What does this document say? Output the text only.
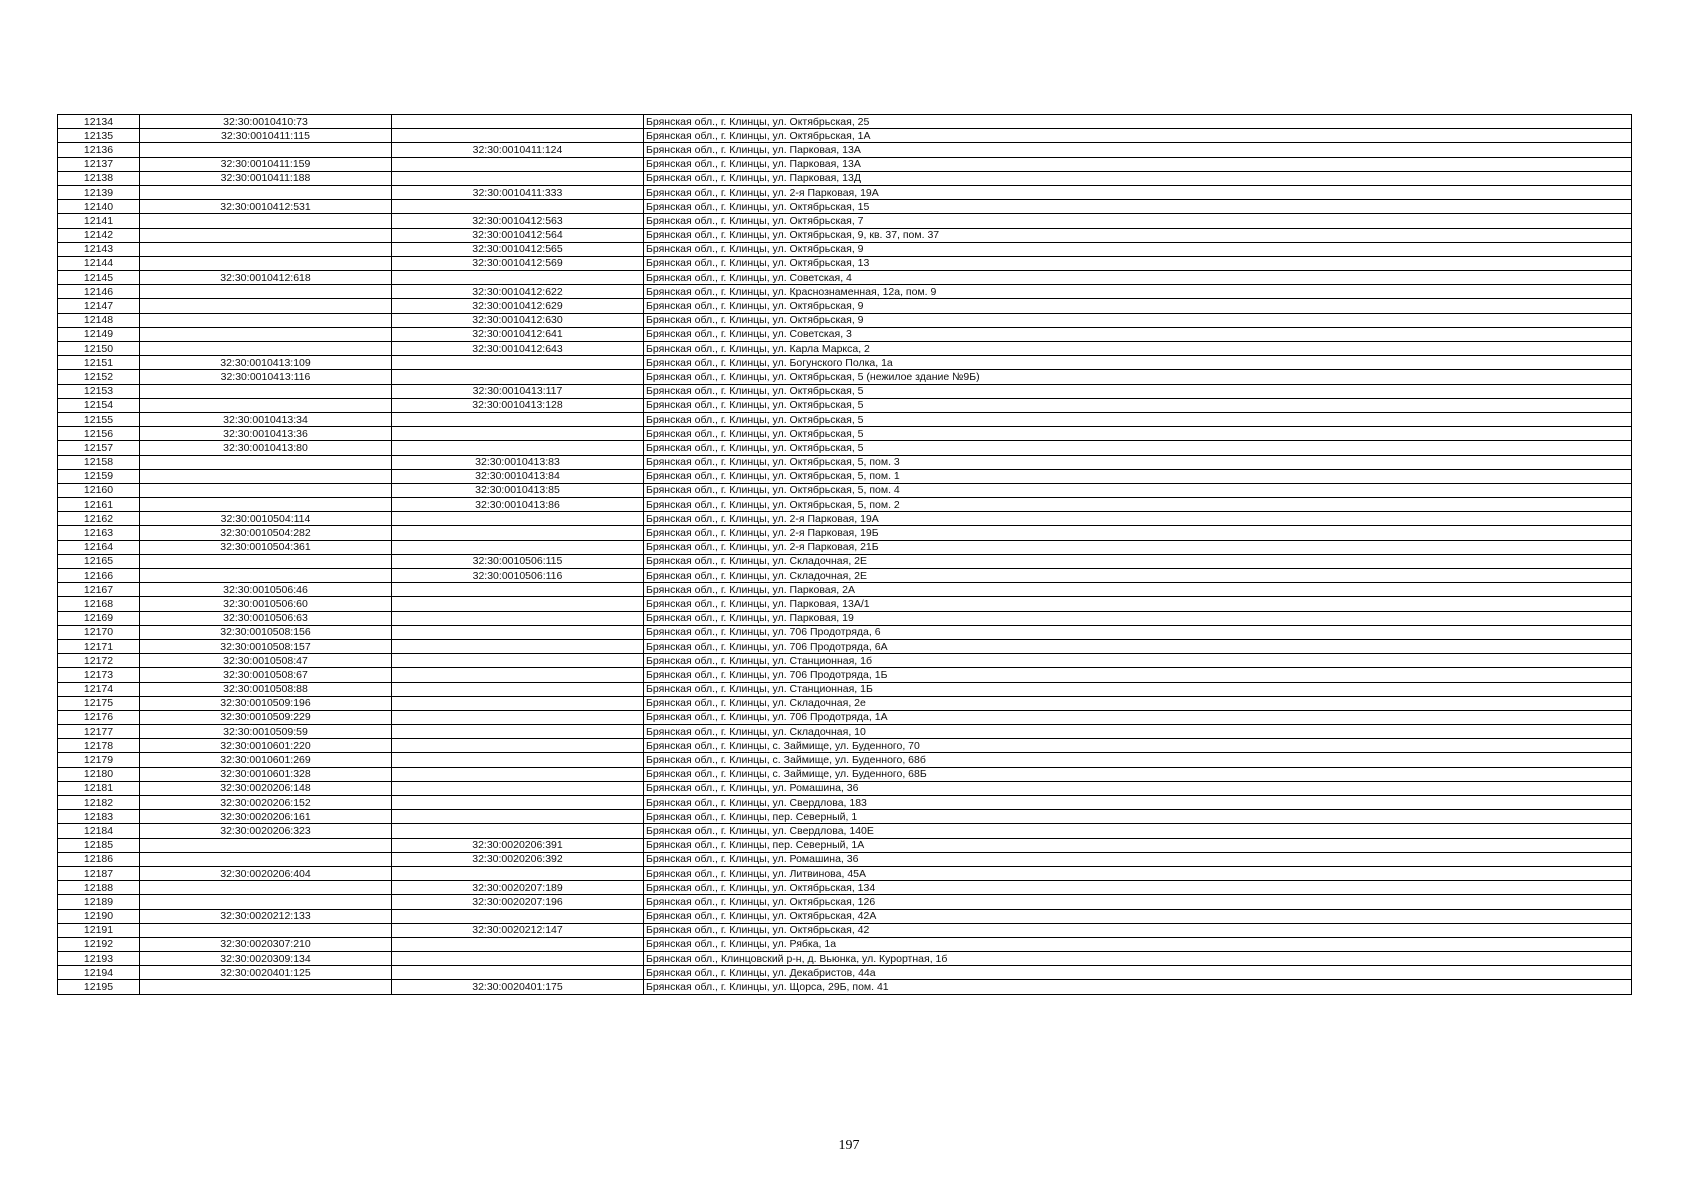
12134	32:30:0010410:73		Брянская обл., г. Клинцы, ул. Октябрьская, 25
12135	32:30:0010411:115		Брянская обл., г. Клинцы, ул. Октябрьская, 1А
12136		32:30:0010411:124	Брянская обл., г. Клинцы, ул. Парковая, 13А
12137	32:30:0010411:159		Брянская обл., г. Клинцы, ул. Парковая, 13А
12138	32:30:0010411:188		Брянская обл., г. Клинцы, ул. Парковая, 13Д
12139		32:30:0010411:333	Брянская обл., г. Клинцы, ул. 2-я Парковая, 19А
12140	32:30:0010412:531		Брянская обл., г. Клинцы, ул. Октябрьская, 15
12141		32:30:0010412:563	Брянская обл., г. Клинцы, ул. Октябрьская, 7
12142		32:30:0010412:564	Брянская обл., г. Клинцы, ул. Октябрьская, 9, кв. 37, пом. 37
12143		32:30:0010412:565	Брянская обл., г. Клинцы, ул. Октябрьская, 9
12144		32:30:0010412:569	Брянская обл., г. Клинцы, ул. Октябрьская, 13
12145	32:30:0010412:618		Брянская обл., г. Клинцы, ул. Советская, 4
12146		32:30:0010412:622	Брянская обл., г. Клинцы, ул. Краснознаменная, 12а, пом. 9
12147		32:30:0010412:629	Брянская обл., г. Клинцы, ул. Октябрьская, 9
12148		32:30:0010412:630	Брянская обл., г. Клинцы, ул. Октябрьская, 9
12149		32:30:0010412:641	Брянская обл., г. Клинцы, ул. Советская, 3
12150		32:30:0010412:643	Брянская обл., г. Клинцы, ул. Карла Маркса, 2
12151	32:30:0010413:109		Брянская обл., г. Клинцы, ул. Богунского Полка, 1а
12152	32:30:0010413:116		Брянская обл., г. Клинцы, ул. Октябрьская, 5 (нежилое здание №9Б)
12153		32:30:0010413:117	Брянская обл., г. Клинцы, ул. Октябрьская, 5
12154		32:30:0010413:128	Брянская обл., г. Клинцы, ул. Октябрьская, 5
12155	32:30:0010413:34		Брянская обл., г. Клинцы, ул. Октябрьская, 5
12156	32:30:0010413:36		Брянская обл., г. Клинцы, ул. Октябрьская, 5
12157	32:30:0010413:80		Брянская обл., г. Клинцы, ул. Октябрьская, 5
12158		32:30:0010413:83	Брянская обл., г. Клинцы, ул. Октябрьская, 5, пом. 3
12159		32:30:0010413:84	Брянская обл., г. Клинцы, ул. Октябрьская, 5, пом. 1
12160		32:30:0010413:85	Брянская обл., г. Клинцы, ул. Октябрьская, 5, пом. 4
12161		32:30:0010413:86	Брянская обл., г. Клинцы, ул. Октябрьская, 5, пом. 2
12162	32:30:0010504:114		Брянская обл., г. Клинцы, ул. 2-я Парковая, 19А
12163	32:30:0010504:282		Брянская обл., г. Клинцы, ул. 2-я Парковая, 19Б
12164	32:30:0010504:361		Брянская обл., г. Клинцы, ул. 2-я Парковая, 21Б
12165		32:30:0010506:115	Брянская обл., г. Клинцы, ул. Складочная, 2Е
12166		32:30:0010506:116	Брянская обл., г. Клинцы, ул. Складочная, 2Е
12167	32:30:0010506:46		Брянская обл., г. Клинцы, ул. Парковая, 2А
12168	32:30:0010506:60		Брянская обл., г. Клинцы, ул. Парковая, 13А/1
12169	32:30:0010506:63		Брянская обл., г. Клинцы, ул. Парковая, 19
12170	32:30:0010508:156		Брянская обл., г. Клинцы, ул. 706 Продотряда, 6
12171	32:30:0010508:157		Брянская обл., г. Клинцы, ул. 706 Продотряда, 6А
12172	32:30:0010508:47		Брянская обл., г. Клинцы, ул. Станционная, 1б
12173	32:30:0010508:67		Брянская обл., г. Клинцы, ул. 706 Продотряда, 1Б
12174	32:30:0010508:88		Брянская обл., г. Клинцы, ул. Станционная, 1Б
12175	32:30:0010509:196		Брянская обл., г. Клинцы, ул. Складочная, 2е
12176	32:30:0010509:229		Брянская обл., г. Клинцы, ул. 706 Продотряда, 1А
12177	32:30:0010509:59		Брянская обл., г. Клинцы, ул. Складочная, 10
12178	32:30:0010601:220		Брянская обл., г. Клинцы, с. Займище, ул. Буденного, 70
12179	32:30:0010601:269		Брянская обл., г. Клинцы, с. Займище, ул. Буденного, 68б
12180	32:30:0010601:328		Брянская обл., г. Клинцы, с. Займище, ул. Буденного, 68Б
12181	32:30:0020206:148		Брянская обл., г. Клинцы, ул. Ромашина, 36
12182	32:30:0020206:152		Брянская обл., г. Клинцы, ул. Свердлова, 183
12183	32:30:0020206:161		Брянская обл., г. Клинцы, пер. Северный, 1
12184	32:30:0020206:323		Брянская обл., г. Клинцы, ул. Свердлова, 140Е
12185		32:30:0020206:391	Брянская обл., г. Клинцы, пер. Северный, 1А
12186		32:30:0020206:392	Брянская обл., г. Клинцы, ул. Ромашина, 36
12187	32:30:0020206:404		Брянская обл., г. Клинцы, ул. Литвинова, 45А
12188		32:30:0020207:189	Брянская обл., г. Клинцы, ул. Октябрьская, 134
12189		32:30:0020207:196	Брянская обл., г. Клинцы, ул. Октябрьская, 126
12190	32:30:0020212:133		Брянская обл., г. Клинцы, ул. Октябрьская, 42А
12191		32:30:0020212:147	Брянская обл., г. Клинцы, ул. Октябрьская, 42
12192	32:30:0020307:210		Брянская обл., г. Клинцы, ул. Рябка, 1а
12193	32:30:0020309:134		Брянская обл., Клинцовский р-н, д. Вьюнка, ул. Курортная, 1б
12194	32:30:0020401:125		Брянская обл., г. Клинцы, ул. Декабристов, 44а
12195		32:30:0020401:175	Брянская обл., г. Клинцы, ул. Щорса, 29Б, пом. 41
197
